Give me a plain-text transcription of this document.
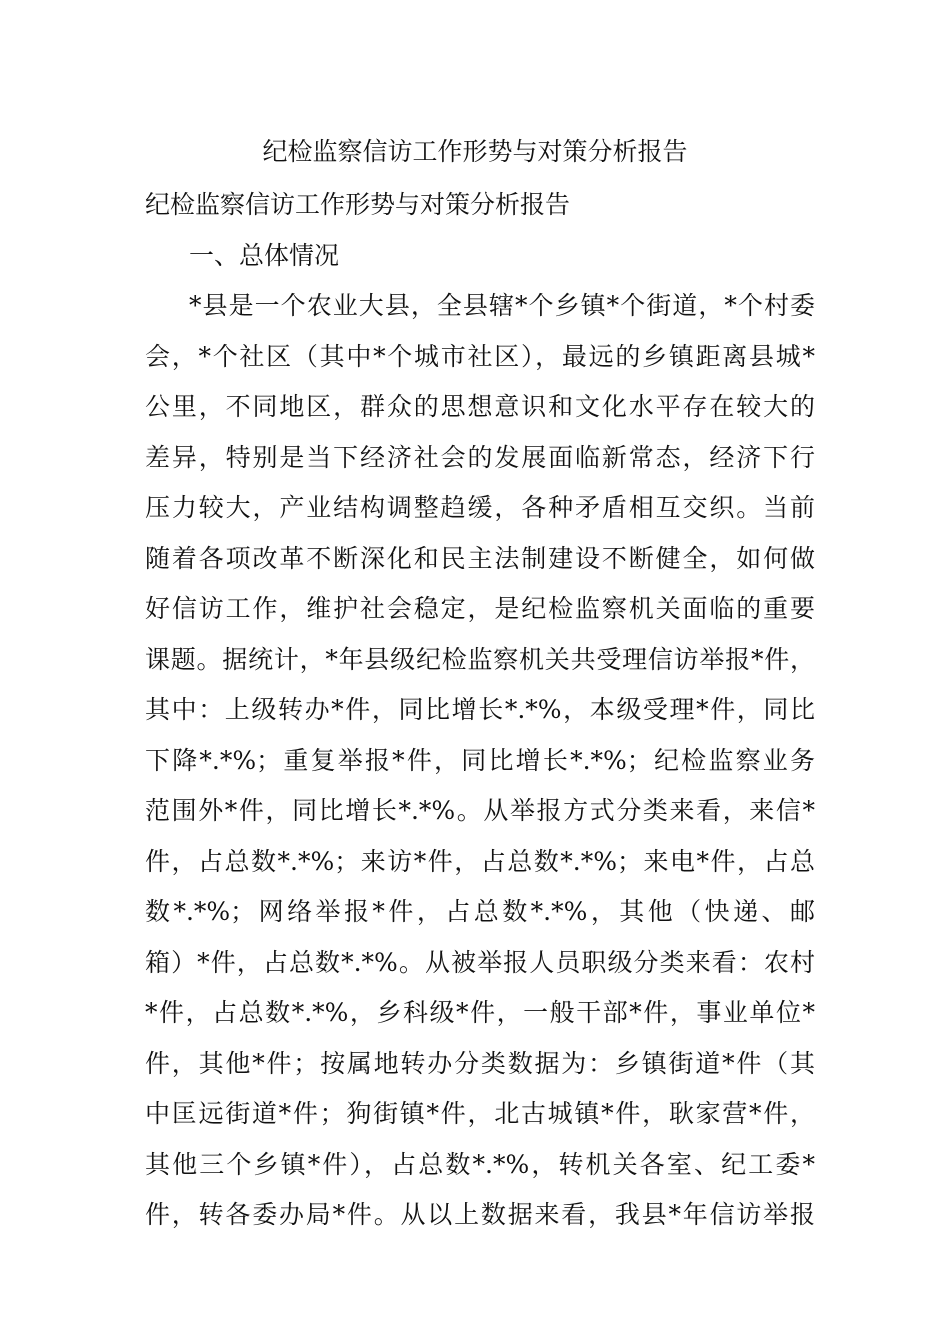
纪检监察信访工作形势与对策分析报告
纪检监察信访工作形势与对策分析报告
一、总体情况
*县是一个农业大县，全县辖*个乡镇*个街道，*个村委
会，*个社区（其中*个城市社区），最远的乡镇距离县城*
公里，不同地区，群众的思想意识和文化水平存在较大的
差异，特别是当下经济社会的发展面临新常态，经济下行
压力较大，产业结构调整趋缓，各种矛盾相互交织。当前
随着各项改革不断深化和民主法制建设不断健全，如何做
好信访工作，维护社会稳定，是纪检监察机关面临的重要
课题。据统计，*年县级纪检监察机关共受理信访举报*件，
其中：上级转办*件，同比增长*.*%，本级受理*件，同比
下降*.*%；重复举报*件，同比增长*.*%；纪检监察业务
范围外*件，同比增长*.*%。从举报方式分类来看，来信*
件，占总数*.*%；来访*件，占总数*.*%；来电*件，占总
数*.*%；网络举报*件，占总数*.*%，其他（快递、邮
箱）*件，占总数*.*%。从被举报人员职级分类来看：农村
*件，占总数*.*%，乡科级*件，一般干部*件，事业单位*
件，其他*件；按属地转办分类数据为：乡镇街道*件（其
中匡远街道*件；狗街镇*件，北古城镇*件，耿家营*件，
其他三个乡镇*件），占总数*.*%，转机关各室、纪工委*
件，转各委办局*件。从以上数据来看，我县*年信访举报
